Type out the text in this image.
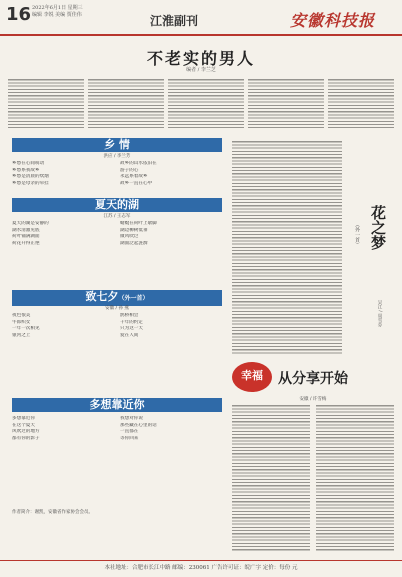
16 2022年6月1日 星期三
编辑 李锐 美编 贾佳伟	江淮副刊	安徽科技报
不老实的男人
编者 / 李兰芝
乡 情
洪应 / 李兰芳
乡愁在心间萌动
乡愁系我故乡
乡愁是清晨的炊烟
乡愁是母亲的牵挂
故乡的山水依旧在
游子的心
永远系着故乡
故乡一直在心中
夏天的湖
江苏 / 王志军
夏天的湖是安静的
湖水清澈见底
荷叶铺满湖面
荷花开得正艳
蜻蜓在荷叶上歇脚
湖边柳树低垂
微风吹过
湖面泛起涟漪
致七夕（外一首）
安徽 / 孙 燕
夜色很美
牛郎织女
一年一次相见
银河之上
鹊桥相会
千年的约定
只为这一天
爱在人间
多想靠近你
多想靠近你
在这个夏天
风吹过的地方
都有你的影子
我想对你说
那些藏在心里的话
一直都在
等你回来
作者简介：谢凯，安徽省作家协会会员。
花之梦
（外一首）
吴江 / 周雪芬
幸福	从分享开始
安徽 / 许雪梅
本社地址：合肥市长江中路 邮编：230061 广告许可证：皖广字 定价：每份 元
